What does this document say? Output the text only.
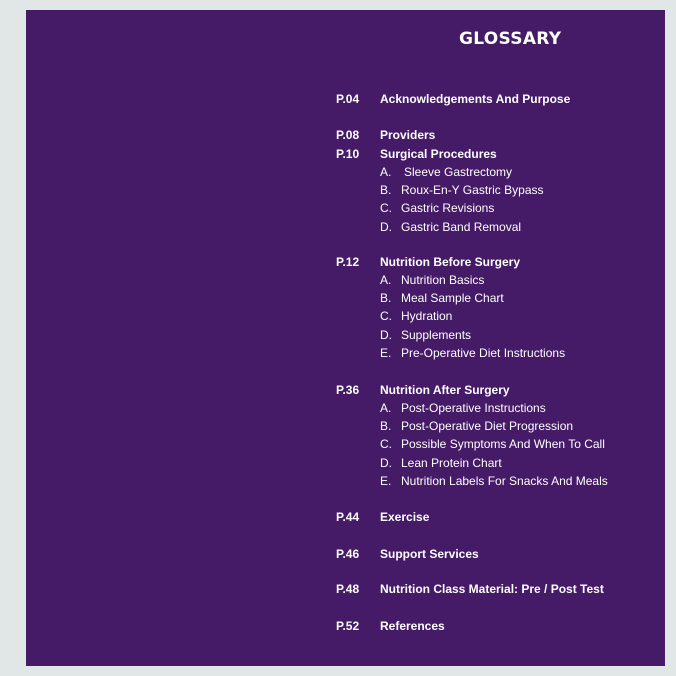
GLOSSARY
P.04 Acknowledgements And Purpose
P.08 Providers
P.10 Surgical Procedures
A. Sleeve Gastrectomy
B. Roux-En-Y Gastric Bypass
C. Gastric Revisions
D. Gastric Band Removal
P.12 Nutrition Before Surgery
A. Nutrition Basics
B. Meal Sample Chart
C. Hydration
D. Supplements
E. Pre-Operative Diet Instructions
P.36 Nutrition After Surgery
A. Post-Operative Instructions
B. Post-Operative Diet Progression
C. Possible Symptoms And When To Call
D. Lean Protein Chart
E. Nutrition Labels For Snacks And Meals
P.44 Exercise
P.46 Support Services
P.48 Nutrition Class Material: Pre / Post Test
P.52 References
